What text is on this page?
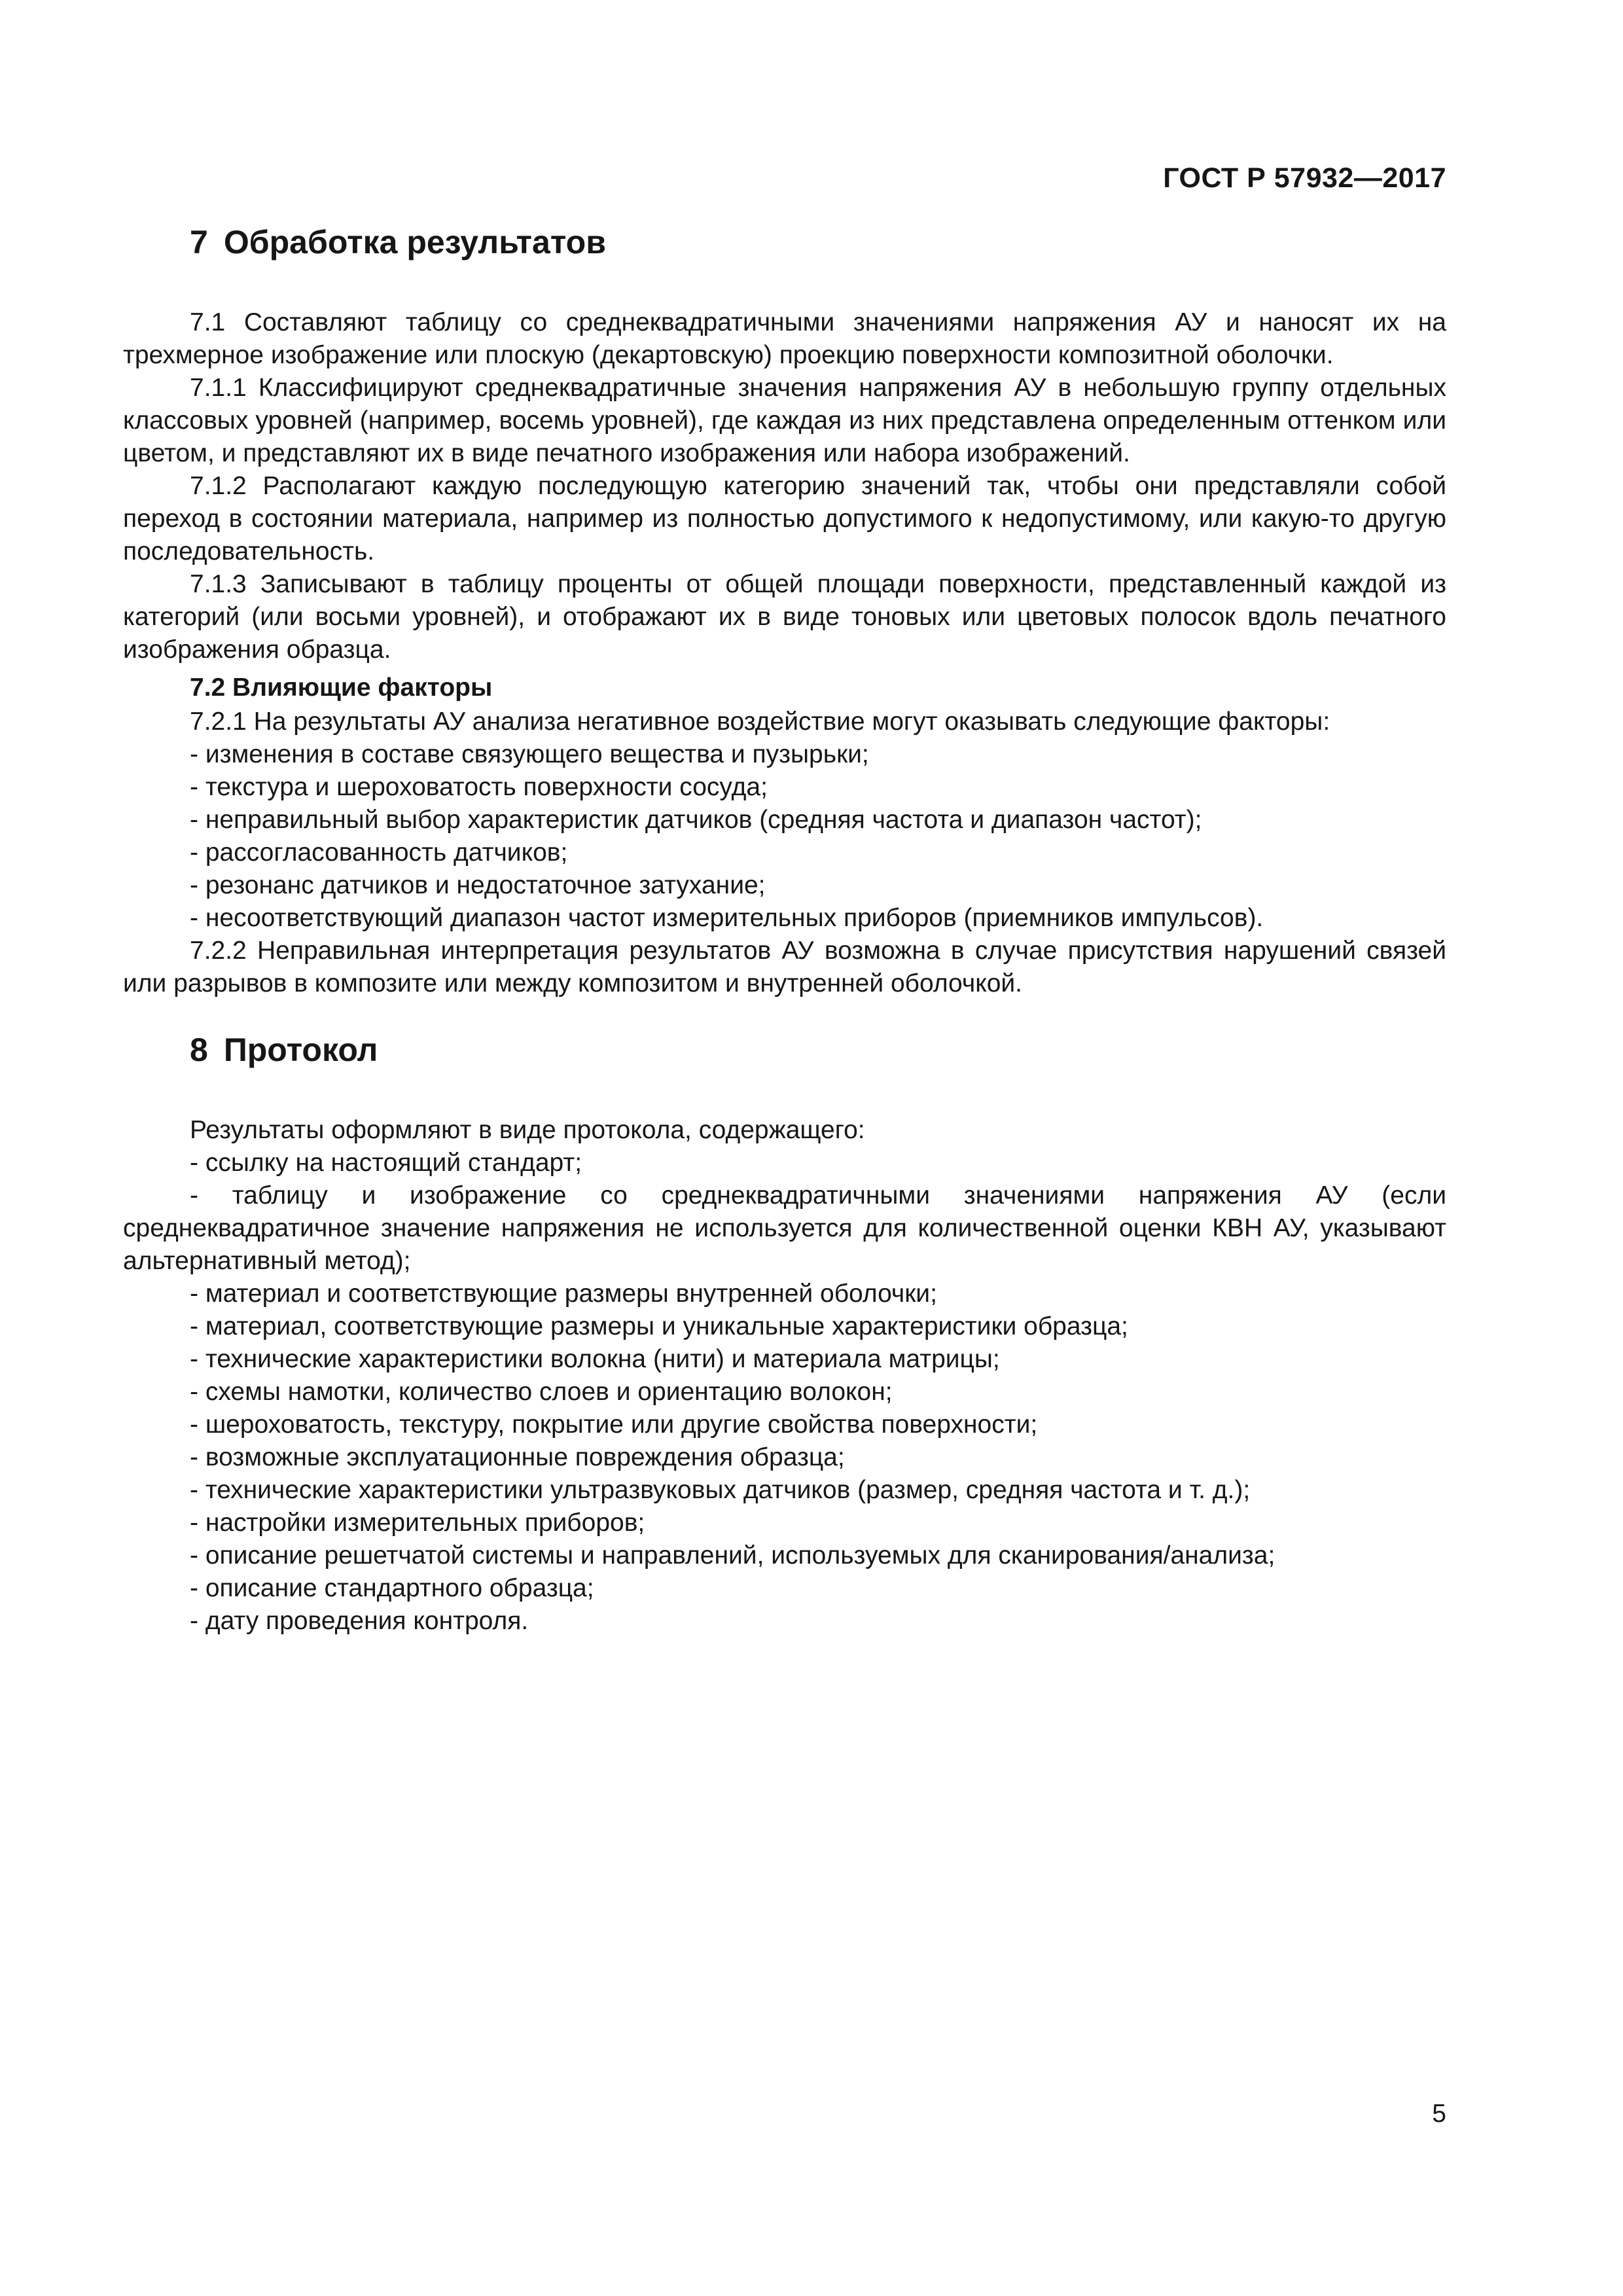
ГОСТ Р 57932—2017
7 Обработка результатов

7.1 Составляют таблицу со среднеквадратичными значениями напряжения АУ и наносят их на трехмерное изображение или плоскую (декартовскую) проекцию поверхности композитной оболочки.

7.1.1 Классифицируют среднеквадратичные значения напряжения АУ в небольшую группу отдельных классовых уровней (например, восемь уровней), где каждая из них представлена определенным оттенком или цветом, и представляют их в виде печатного изображения или набора изображений.

7.1.2 Располагают каждую последующую категорию значений так, чтобы они представляли собой переход в состоянии материала, например из полностью допустимого к недопустимому, или какую-то другую последовательность.

7.1.3 Записывают в таблицу проценты от общей площади поверхности, представленный каждой из категорий (или восьми уровней), и отображают их в виде тоновых или цветовых полосок вдоль печатного изображения образца.

7.2 Влияющие факторы

7.2.1 На результаты АУ анализа негативное воздействие могут оказывать следующие факторы:

- изменения в составе связующего вещества и пузырьки;
- текстура и шероховатость поверхности сосуда;
- неправильный выбор характеристик датчиков (средняя частота и диапазон частот);
- рассогласованность датчиков;
- резонанс датчиков и недостаточное затухание;
- несоответствующий диапазон частот измерительных приборов (приемников импульсов).

7.2.2 Неправильная интерпретация результатов АУ возможна в случае присутствия нарушений связей или разрывов в композите или между композитом и внутренней оболочкой.

8 Протокол
Результаты оформляют в виде протокола, содержащего:
- ссылку на настоящий стандарт;
- таблицу и изображение со среднеквадратичными значениями напряжения АУ (если среднеквадратичное значение напряжения не используется для количественной оценки КВН АУ, указывают альтернативный метод);
- материал и соответствующие размеры внутренней оболочки;
- материал, соответствующие размеры и уникальные характеристики образца;
- технические характеристики волокна (нити) и материала матрицы;
- схемы намотки, количество слоев и ориентацию волокон;
- шероховатость, текстуру, покрытие или другие свойства поверхности;
- возможные эксплуатационные повреждения образца;
- технические характеристики ультразвуковых датчиков (размер, средняя частота и т. д.);
- настройки измерительных приборов;
- описание решетчатой системы и направлений, используемых для сканирования/анализа;
- описание стандартного образца;
- дату проведения контроля.
5
